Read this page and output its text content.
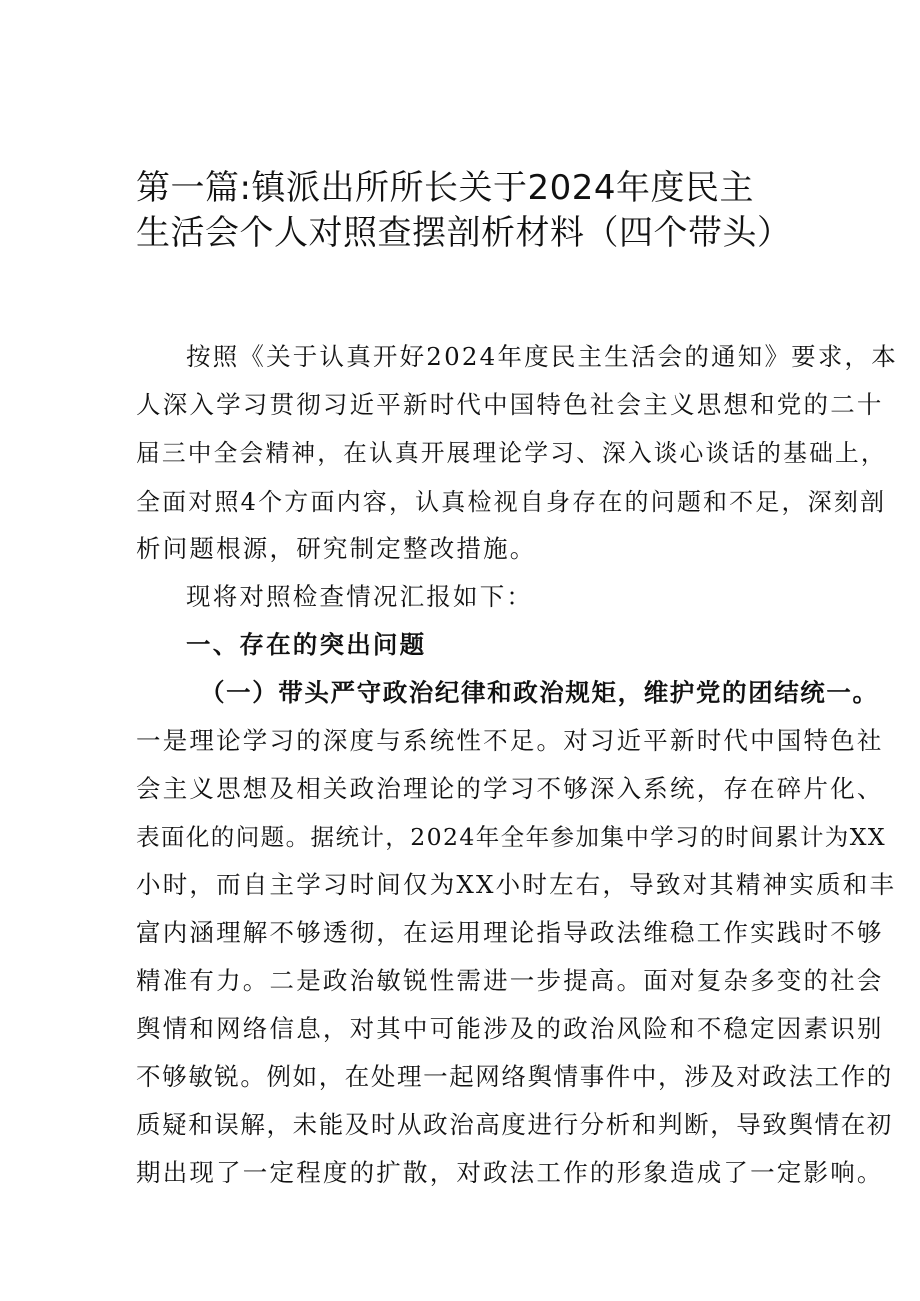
第一篇:镇派出所所长关于2024年度民主
生活会个人对照查摆剖析材料（四个带头）
按照《关于认真开好2024年度民主生活会的通知》要求，本
人深入学习贯彻习近平新时代中国特色社会主义思想和党的二十
届三中全会精神，在认真开展理论学习、深入谈心谈话的基础上，
全面对照4个方面内容，认真检视自身存在的问题和不足，深刻剖
析问题根源，研究制定整改措施。
现将对照检查情况汇报如下：
一、存在的突出问题
（一）带头严守政治纪律和政治规矩，维护党的团结统一。
一是理论学习的深度与系统性不足。对习近平新时代中国特色社
会主义思想及相关政治理论的学习不够深入系统，存在碎片化、
表面化的问题。据统计，2024年全年参加集中学习的时间累计为XX
小时，而自主学习时间仅为XX小时左右，导致对其精神实质和丰
富内涵理解不够透彻，在运用理论指导政法维稳工作实践时不够
精准有力。二是政治敏锐性需进一步提高。面对复杂多变的社会
舆情和网络信息，对其中可能涉及的政治风险和不稳定因素识别
不够敏锐。例如，在处理一起网络舆情事件中，涉及对政法工作的
质疑和误解，未能及时从政治高度进行分析和判断，导致舆情在初
期出现了一定程度的扩散，对政法工作的形象造成了一定影响。
